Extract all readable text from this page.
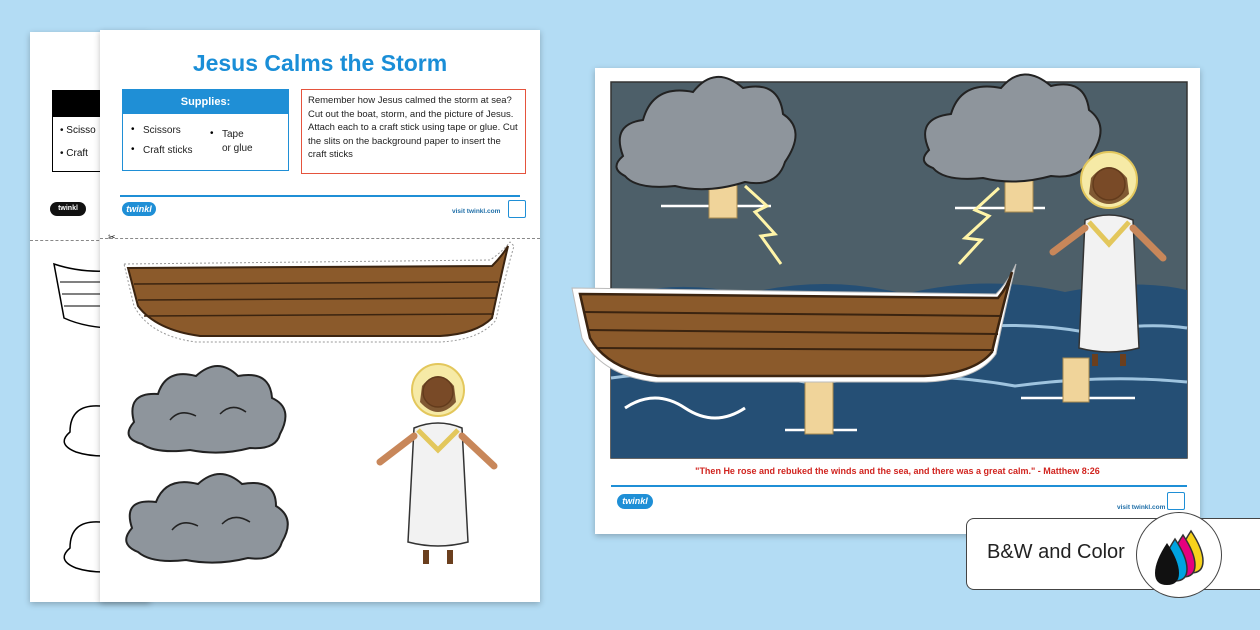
• Scisso
• Craft
twinkl
Jesus Calms the Storm
Supplies:
• Scissors
• Craft sticks
• Tape
or glue
Remember how Jesus calmed the storm at sea? Cut out the boat, storm, and the picture of Jesus. Attach each to a craft stick using tape or glue. Cut the slits on the background paper to insert the craft sticks
twinkl	visit twinkl.com
✂
"Then He rose and rebuked the winds and the sea, and there was a great calm." - Matthew 8:26
twinkl
visit twinkl.com
B&W and Color
